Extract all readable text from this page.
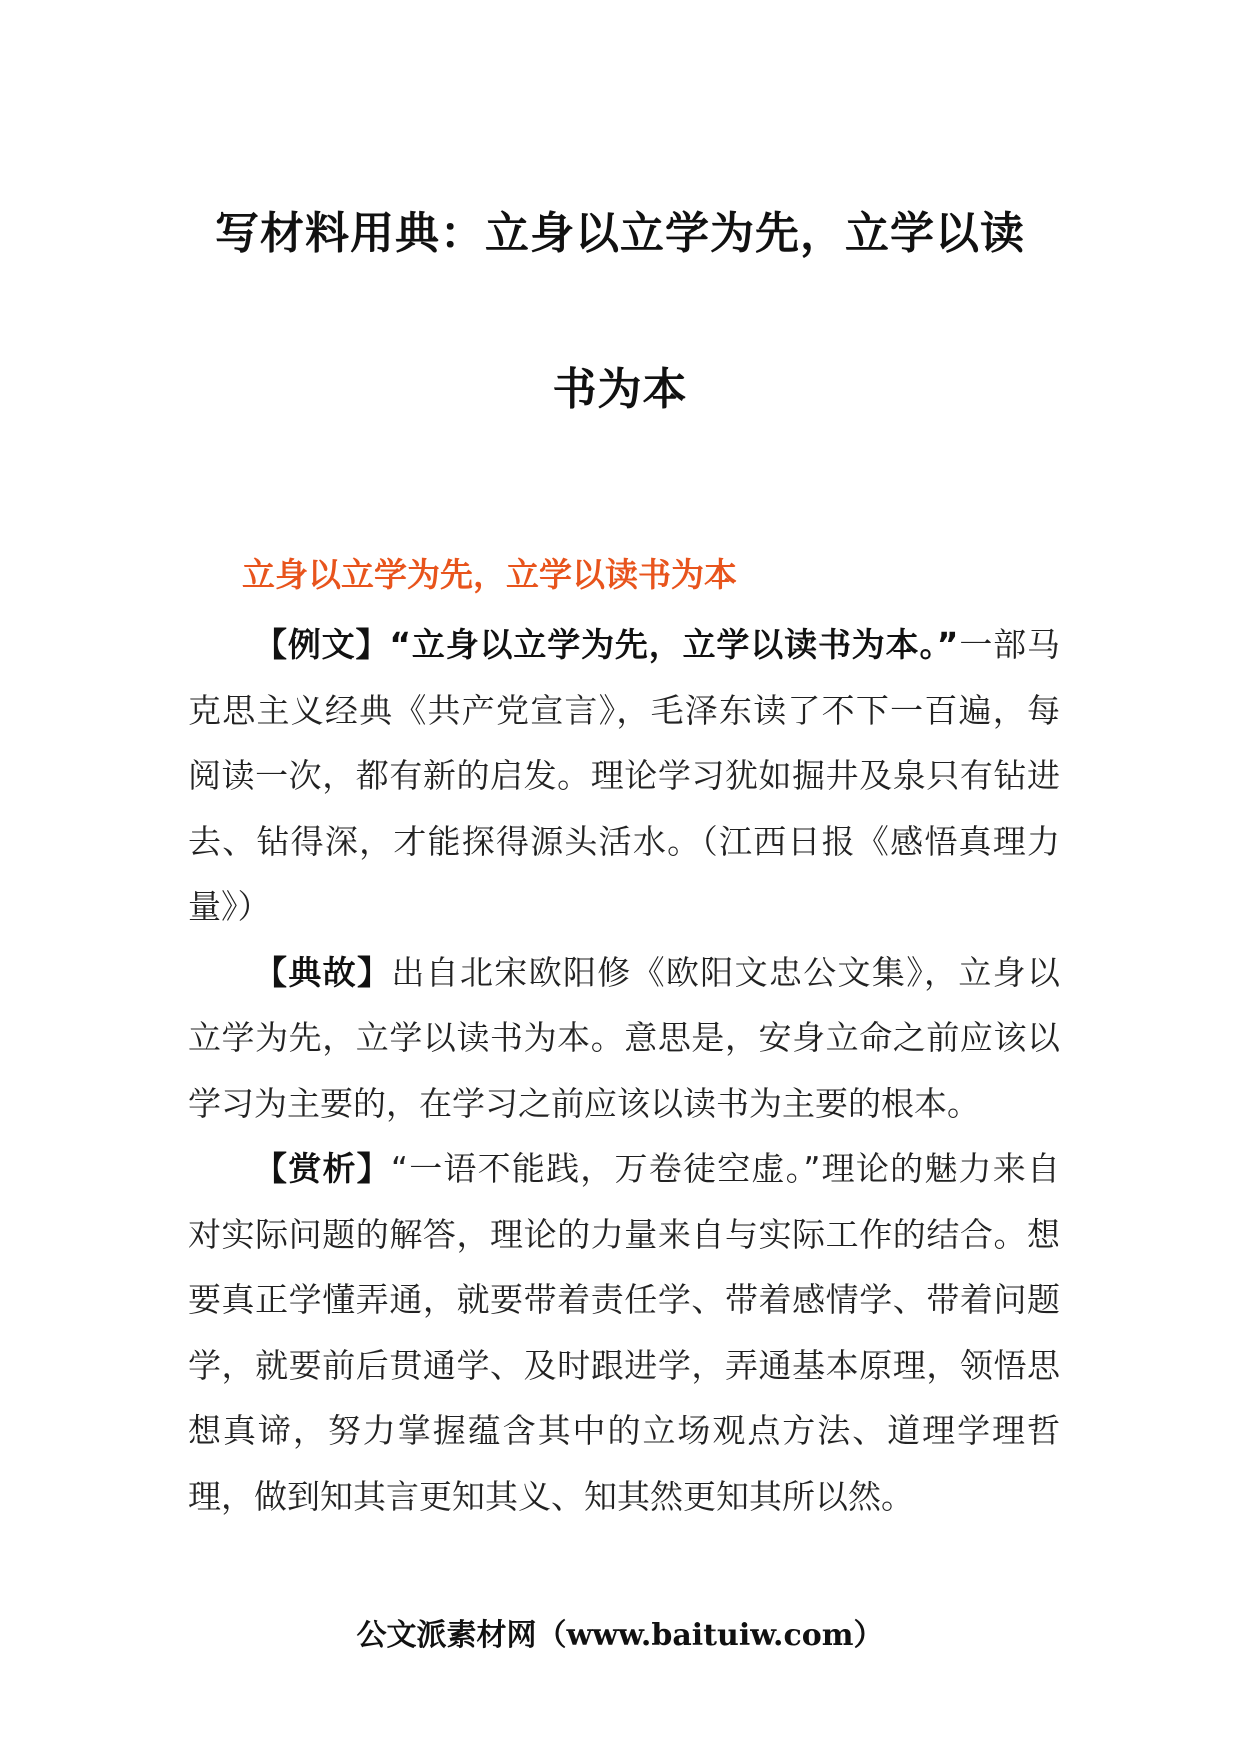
写材料用典：立身以立学为先，立学以读
书为本
立身以立学为先，立学以读书为本

【例文】“立身以立学为先，立学以读书为本。”一部马克思主义经典《共产党宣言》，毛泽东读了不下一百遍，每阅读一次，都有新的启发。理论学习犹如掘井及泉只有钻进去、钻得深，才能探得源头活水。（江西日报《感悟真理力量》）

【典故】出自北宋欧阳修《欧阳文忠公文集》，立身以立学为先，立学以读书为本。意思是，安身立命之前应该以学习为主要的，在学习之前应该以读书为主要的根本。

【赏析】“一语不能践，万卷徒空虚。”理论的魅力来自对实际问题的解答，理论的力量来自与实际工作的结合。想要真正学懂弄通，就要带着责任学、带着感情学、带着问题学，就要前后贯通学、及时跟进学，弄通基本原理，领悟思想真谛，努力掌握蕴含其中的立场观点方法、道理学理哲理，做到知其言更知其义、知其然更知其所以然。

公文派素材网（www.baituiw.com）
